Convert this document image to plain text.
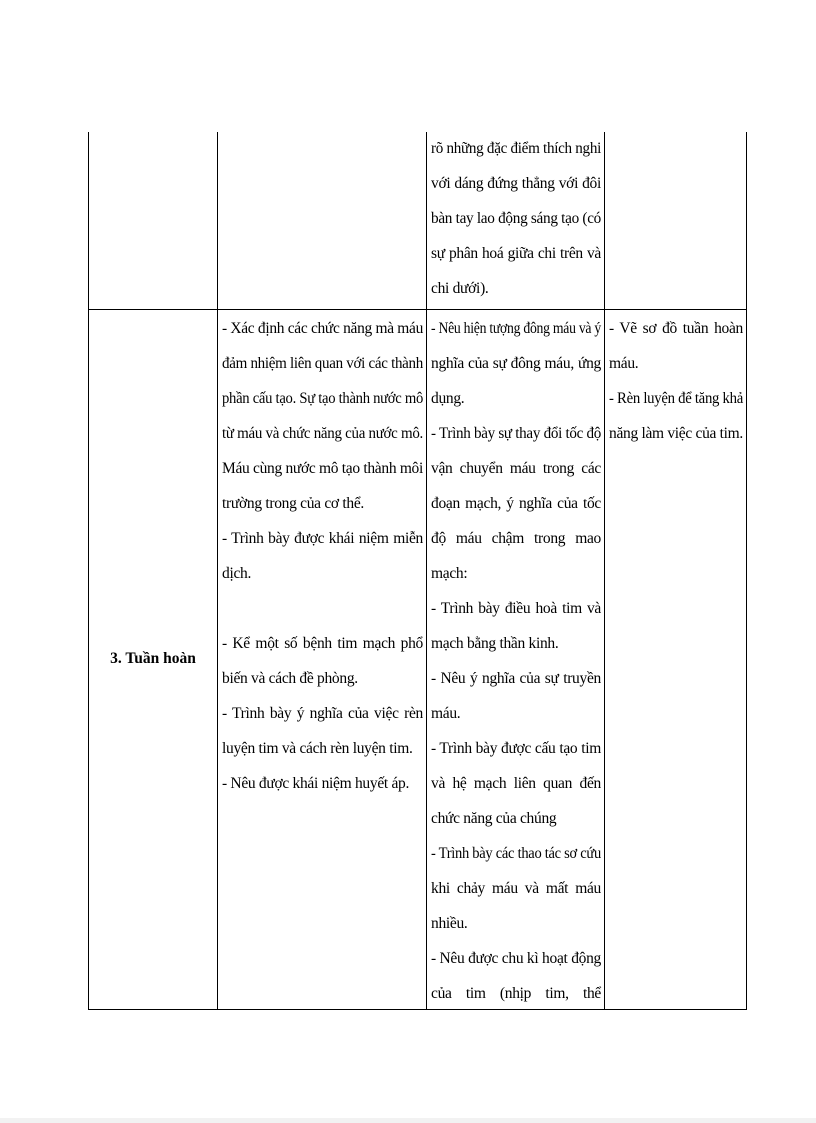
rõ những đặc điểm thích nghi
với dáng đứng thẳng với đôi
bàn tay lao động sáng tạo (có
sự phân hoá giữa chi trên và
chi dưới).
3. Tuần hoàn
- Xác định các chức năng mà máu
đảm nhiệm liên quan với các thành
phần cấu tạo. Sự tạo thành nước mô
từ máu và chức năng của nước mô.
Máu cùng nước mô tạo thành môi
trường trong của cơ thể.
- Trình bày được khái niệm miễn
dịch.
- Kể một số bệnh tim mạch phổ
biến và cách đề phòng.
- Trình bày ý nghĩa của việc rèn
luyện tim và cách rèn luyện tim.
- Nêu được khái niệm huyết áp.
- Nêu hiện tượng đông máu và ý
nghĩa của sự đông máu, ứng
dụng.
- Trình bày sự thay đổi tốc độ
vận chuyển máu trong các
đoạn mạch, ý nghĩa của tốc
độ máu chậm trong mao
mạch:
- Trình bày điều hoà tim và
mạch bằng thần kinh.
- Nêu ý nghĩa của sự truyền
máu.
- Trình bày được cấu tạo tim
và hệ mạch liên quan đến
chức năng của chúng
- Trình bày các thao tác sơ cứu
khi chảy máu và mất máu
nhiều.
- Nêu được chu kì hoạt động
của tim (nhịp tim, thể
- Vẽ sơ đồ tuần hoàn
máu.
- Rèn luyện để tăng khả
năng làm việc của tim.
